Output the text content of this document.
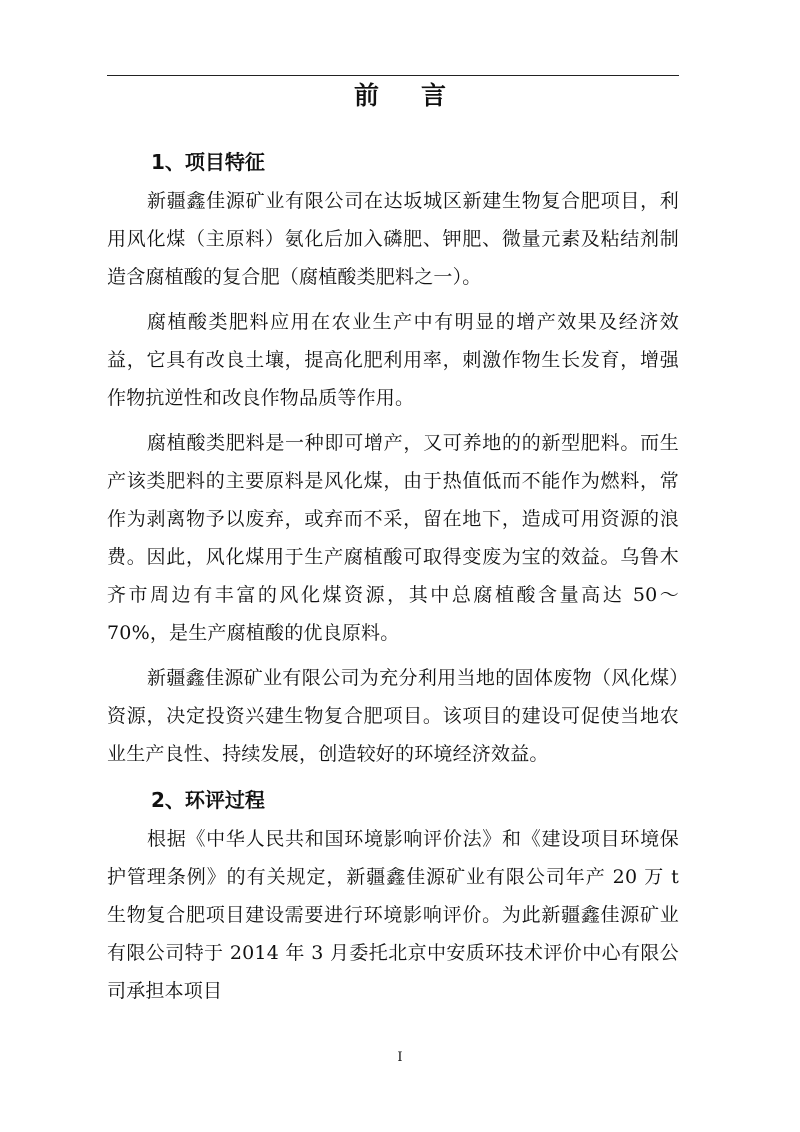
前 言
1、项目特征

新疆鑫佳源矿业有限公司在达坂城区新建生物复合肥项目，利用风化煤（主原料）氨化后加入磷肥、钾肥、微量元素及粘结剂制造含腐植酸的复合肥（腐植酸类肥料之一）。

腐植酸类肥料应用在农业生产中有明显的增产效果及经济效益，它具有改良土壤，提高化肥利用率，刺激作物生长发育，增强作物抗逆性和改良作物品质等作用。

腐植酸类肥料是一种即可增产，又可养地的的新型肥料。而生产该类肥料的主要原料是风化煤，由于热值低而不能作为燃料，常作为剥离物予以废弃，或弃而不采，留在地下，造成可用资源的浪费。因此，风化煤用于生产腐植酸可取得变废为宝的效益。乌鲁木齐市周边有丰富的风化煤资源，其中总腐植酸含量高达 50～70%，是生产腐植酸的优良原料。

新疆鑫佳源矿业有限公司为充分利用当地的固体废物（风化煤）资源，决定投资兴建生物复合肥项目。该项目的建设可促使当地农业生产良性、持续发展，创造较好的环境经济效益。

2、环评过程

根据《中华人民共和国环境影响评价法》和《建设项目环境保护管理条例》的有关规定，新疆鑫佳源矿业有限公司年产 20 万 t 生物复合肥项目建设需要进行环境影响评价。为此新疆鑫佳源矿业有限公司特于 2014 年 3 月委托北京中安质环技术评价中心有限公司承担本项目

I
